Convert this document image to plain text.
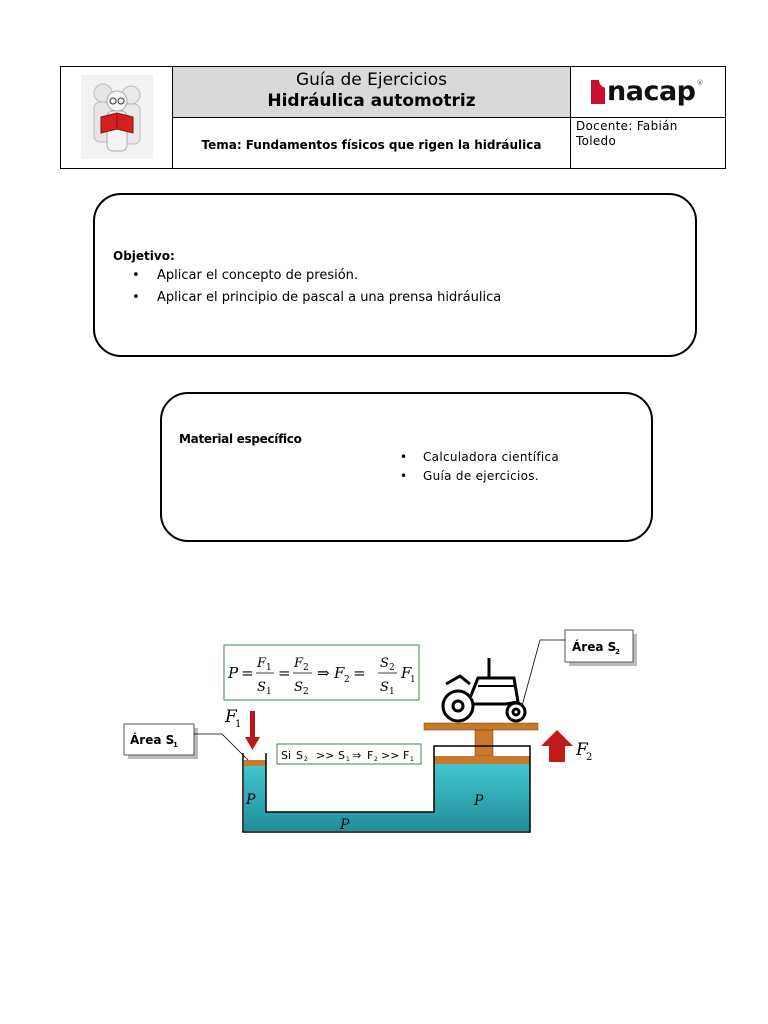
Guía de Ejercicios
Hidráulica automotriz	nacap ®
Tema: Fundamentos físicos que rigen la hidráulica
Docente: Fabián
Toledo
Objetivo:
• Aplicar el concepto de presión.
• Aplicar el principio de pascal a una prensa hidráulica
Material específico
• Calculadora científica
• Guía de ejercicios.
P =
F 1
S 1
=
F 2
S 2
⇒ F 2 =
S 2
S 1
F
1
Área S
2
P	P
P
Si S 2 >> S 1 ⇒ F 2 >> F 1
Área S
1
F
1
F
2
